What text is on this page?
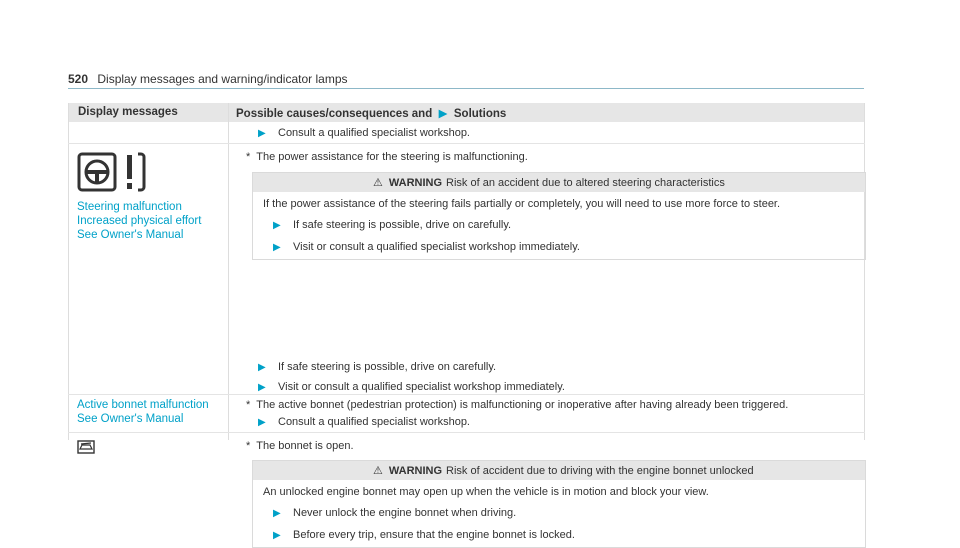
520 Display messages and warning/indicator lamps
Display messages	Possible causes/consequences and  ▶  Solutions
▶ Consult a qualified specialist workshop.
Steering malfunction
Increased physical effort
See Owner's Manual
* The power assistance for the steering is malfunctioning.
⚠ WARNING Risk of an accident due to altered steering characteristics
If the power assistance of the steering fails partially or completely, you will need to use more force to steer.
▶ If safe steering is possible, drive on carefully.
▶ Visit or consult a qualified specialist workshop immediately.
▶ If safe steering is possible, drive on carefully.
▶ Visit or consult a qualified specialist workshop immediately.
Active bonnet malfunction
See Owner's Manual
* The active bonnet (pedestrian protection) is malfunctioning or inoperative after having already been triggered.
▶ Consult a qualified specialist workshop.
* The bonnet is open.
⚠ WARNING Risk of accident due to driving with the engine bonnet unlocked
An unlocked engine bonnet may open up when the vehicle is in motion and block your view.
▶ Never unlock the engine bonnet when driving.
▶ Before every trip, ensure that the engine bonnet is locked.
